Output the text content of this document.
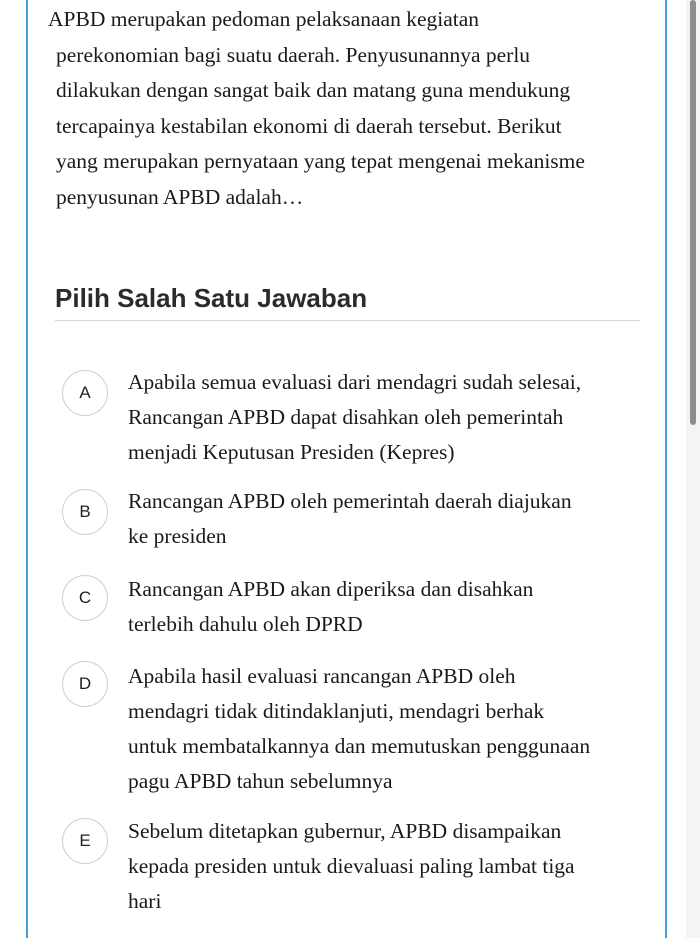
APBD merupakan pedoman pelaksanaan kegiatan
perekonomian bagi suatu daerah. Penyusunannya perlu
dilakukan dengan sangat baik dan matang guna mendukung
tercapainya kestabilan ekonomi di daerah tersebut. Berikut
yang merupakan pernyataan yang tepat mengenai mekanisme
penyusunan APBD adalah…

Pilih Salah Satu Jawaban
A	Apabila semua evaluasi dari mendagri sudah selesai,
Rancangan APBD dapat disahkan oleh pemerintah
menjadi Keputusan Presiden (Kepres)
B	Rancangan APBD oleh pemerintah daerah diajukan
ke presiden
C	Rancangan APBD akan diperiksa dan disahkan
terlebih dahulu oleh DPRD
D	Apabila hasil evaluasi rancangan APBD oleh
mendagri tidak ditindaklanjuti, mendagri berhak
untuk membatalkannya dan memutuskan penggunaan
pagu APBD tahun sebelumnya
E	Sebelum ditetapkan gubernur, APBD disampaikan
kepada presiden untuk dievaluasi paling lambat tiga
hari
